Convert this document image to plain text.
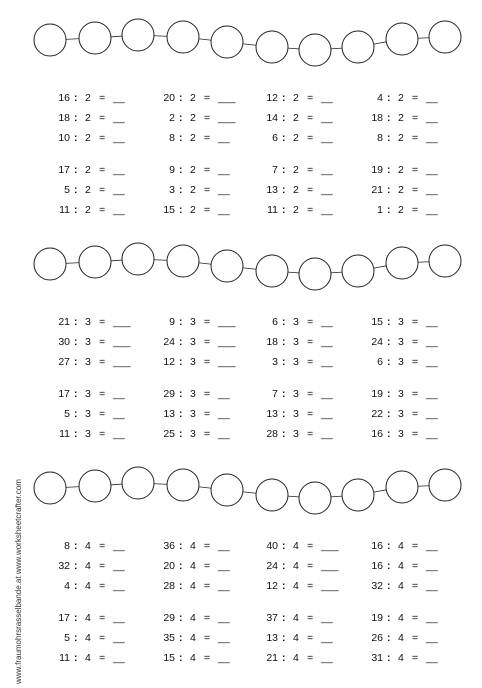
16 : 2 = __	20 : 2 = ___	12 : 2 = __	4 : 2 = __
18 : 2 = __	2 : 2 = ___	14 : 2 = __	18 : 2 = __
10 : 2 = __	8 : 2 = __	6 : 2 = __	8 : 2 = __
17 : 2 = __	9 : 2 = __	7 : 2 = __	19 : 2 = __
5 : 2 = __	3 : 2 = __	13 : 2 = __	21 : 2 = __
11 : 2 = __	15 : 2 = __	11 : 2 = __	1 : 2 = __
21 : 3 = ___	9 : 3 = ___	6 : 3 = __	15 : 3 = __
30 : 3 = ___	24 : 3 = ___	18 : 3 = __	24 : 3 = __
27 : 3 = ___	12 : 3 = ___	3 : 3 = __	6 : 3 = __
17 : 3 = __	29 : 3 = __	7 : 3 = __	19 : 3 = __
5 : 3 = __	13 : 3 = __	13 : 3 = __	22 : 3 = __
11 : 3 = __	25 : 3 = __	28 : 3 = __	16 : 3 = __
8 : 4 = __	36 : 4 = __	40 : 4 = ___	16 : 4 = __
32 : 4 = __	20 : 4 = __	24 : 4 = ___	16 : 4 = __
4 : 4 = __	28 : 4 = __	12 : 4 = ___	32 : 4 = __
17 : 4 = __	29 : 4 = __	37 : 4 = __	19 : 4 = __
5 : 4 = __	35 : 4 = __	13 : 4 = __	26 : 4 = __
11 : 4 = __	15 : 4 = __	21 : 4 = __	31 : 4 = __
www.fraumohrsrasselbande.at www.worksheetcrafter.com
